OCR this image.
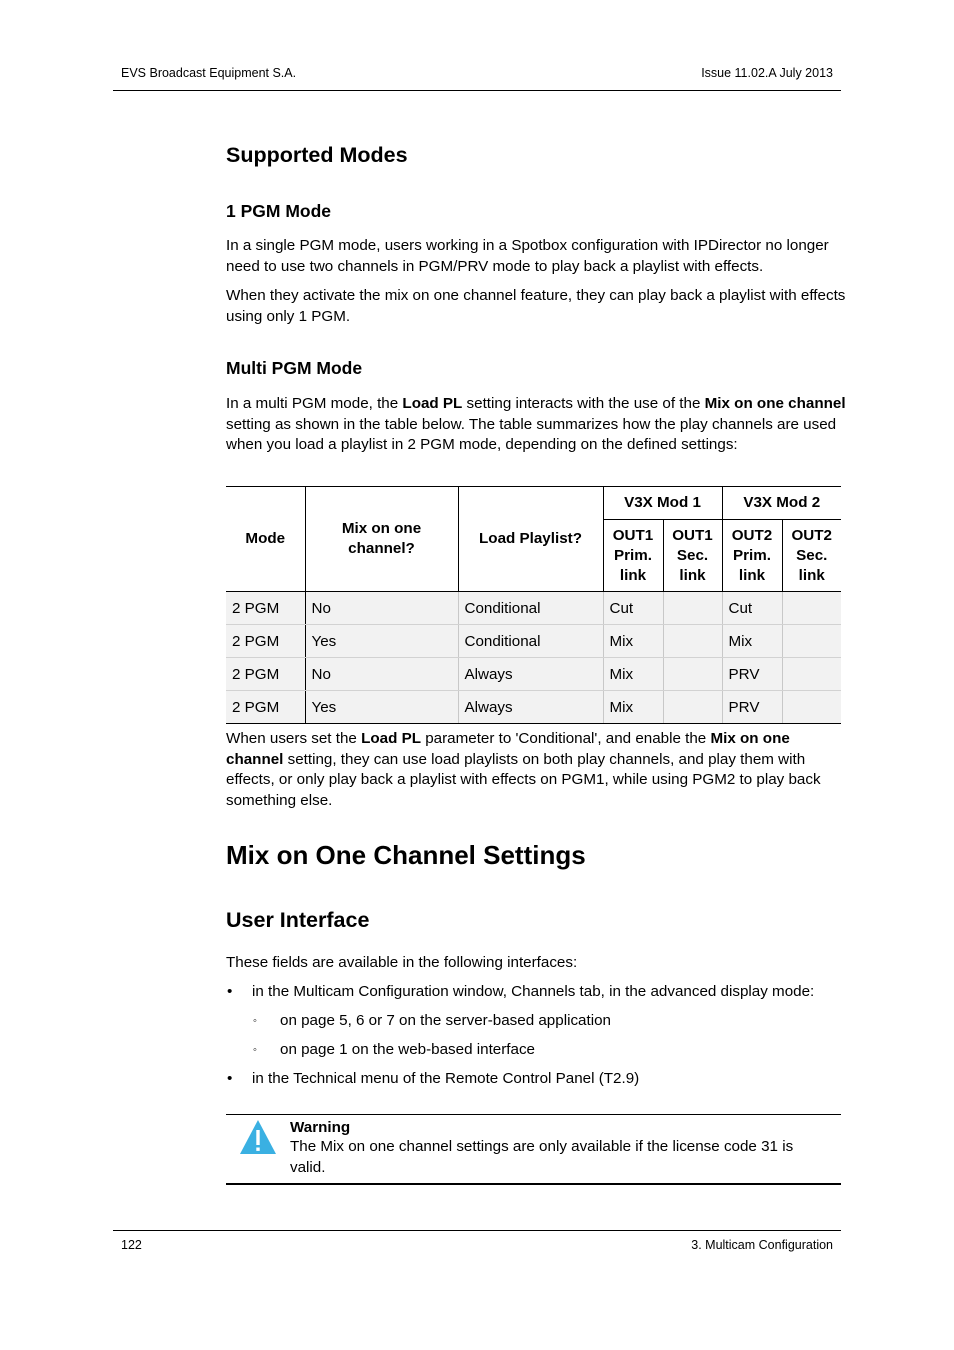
EVS Broadcast Equipment S.A.	Issue 11.02.A July 2013
Supported Modes
1 PGM Mode

In a single PGM mode, users working in a Spotbox configuration with IPDirector no longer need to use two channels in PGM/PRV mode to play back a playlist with effects.

When they activate the mix on one channel feature, they can play back a playlist with effects using only 1 PGM.

Multi PGM Mode

In a multi PGM mode, the Load PL setting interacts with the use of the Mix on one channel setting as shown in the table below. The table summarizes how the play channels are used when you load a playlist in 2 PGM mode, depending on the defined settings:

Mode	Mix on one channel?	Load Playlist?	V3X Mod 1		V3X Mod 2	

			OUT1 Prim. link	OUT1 Sec. link	OUT2 Prim. link	OUT2 Sec. link

2 PGM	No	Conditional	Cut		Cut	
2 PGM	Yes	Conditional	Mix		Mix	
2 PGM	No	Always	Mix		PRV	
2 PGM	Yes	Always	Mix		PRV	

When users set the Load PL parameter to 'Conditional', and enable the Mix on one channel setting, they can use load playlists on both play channels, and play them with effects, or only play back a playlist with effects on PGM1, while using PGM2 to play back something else.

Mix on One Channel Settings
User Interface

These fields are available in the following interfaces:

• in the Multicam Configuration window, Channels tab, in the advanced display mode:
◦ on page 5, 6 or 7 on the server-based application
◦ on page 1 on the web-based interface
• in the Technical menu of the Remote Control Panel (T2.9)
Warning
The Mix on one channel settings are only available if the license code 31 is valid.
122	3. Multicam Configuration
